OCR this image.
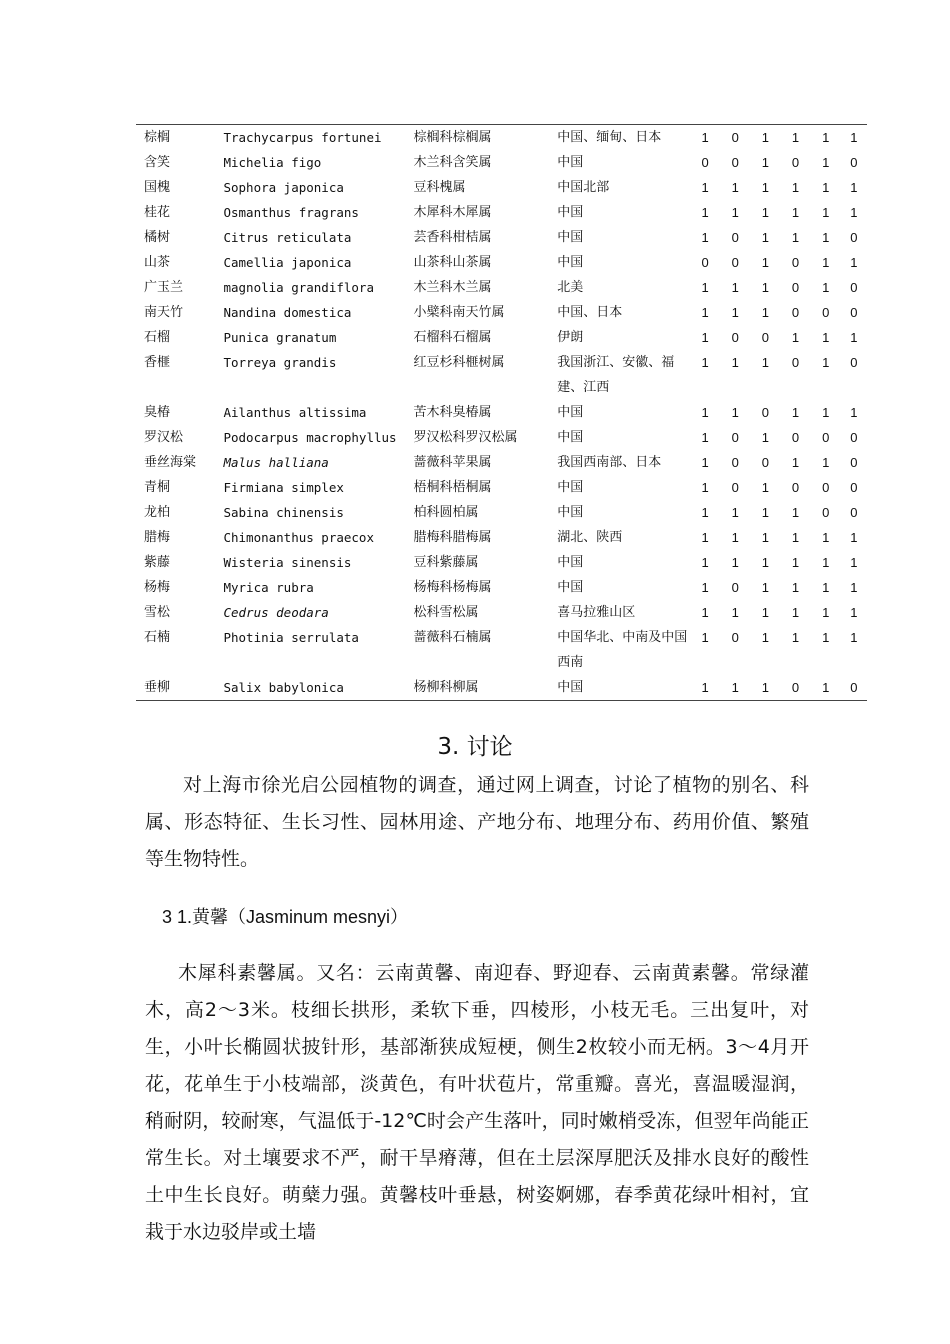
棕榈	Trachycarpus fortunei	棕榈科棕榈属	中国、缅甸、日本	1	0	1	1	1	1
含笑	Michelia figo	木兰科含笑属	中国	0	0	1	0	1	0
国槐	Sophora japonica	豆科槐属	中国北部	1	1	1	1	1	1
桂花	Osmanthus fragrans	木犀科木犀属	中国	1	1	1	1	1	1
橘树	Citrus reticulata	芸香科柑桔属	中国	1	0	1	1	1	0
山茶	Camellia japonica	山茶科山茶属	中国	0	0	1	0	1	1
广玉兰	magnolia grandiflora	木兰科木兰属	北美	1	1	1	0	1	0
南天竹	Nandina domestica	小檗科南天竹属	中国、日本	1	1	1	0	0	0
石榴	Punica granatum	石榴科石榴属	伊朗	1	0	0	1	1	1
香榧	Torreya grandis	红豆杉科榧树属	我国浙江、安徽、福建、江西	1	1	1	0	1	0
臭椿	Ailanthus altissima	苦木科臭椿属	中国	1	1	0	1	1	1
罗汉松	Podocarpus macrophyllus	罗汉松科罗汉松属	中国	1	0	1	0	0	0
垂丝海棠	Malus halliana	蔷薇科苹果属	我国西南部、日本	1	0	0	1	1	0
青桐	Firmiana simplex	梧桐科梧桐属	中国	1	0	1	0	0	0
龙柏	Sabina chinensis	柏科圆柏属	中国	1	1	1	1	0	0
腊梅	Chimonanthus praecox	腊梅科腊梅属	湖北、陕西	1	1	1	1	1	1
紫藤	Wisteria sinensis	豆科紫藤属	中国	1	1	1	1	1	1
杨梅	Myrica rubra	杨梅科杨梅属	中国	1	0	1	1	1	1
雪松	Cedrus deodara	松科雪松属	喜马拉雅山区	1	1	1	1	1	1
石楠	Photinia serrulata	蔷薇科石楠属	中国华北、中南及中国西南	1	0	1	1	1	1
垂柳	Salix babylonica	杨柳科柳属	中国	1	1	1	0	1	0
3. 讨论

对上海市徐光启公园植物的调查，通过网上调查，讨论了植物的别名、科属、形态特征、生长习性、园林用途、产地分布、地理分布、药用价值、繁殖等生物特性。

3 1.黄馨（Jasminum mesnyi）

木犀科素馨属。又名：云南黄馨、南迎春、野迎春、云南黄素馨。常绿灌木，高2～3米。枝细长拱形，柔软下垂，四棱形，小枝无毛。三出复叶，对生，小叶长椭圆状披针形，基部渐狭成短梗，侧生2枚较小而无柄。3～4月开花，花单生于小枝端部，淡黄色，有叶状苞片，常重瓣。喜光，喜温暖湿润，稍耐阴，较耐寒，气温低于-12℃时会产生落叶，同时嫩梢受冻，但翌年尚能正常生长。对土壤要求不严，耐干旱瘠薄，但在土层深厚肥沃及排水良好的酸性土中生长良好。萌蘖力强。黄馨枝叶垂悬，树姿婀娜，春季黄花绿叶相衬，宜栽于水边驳岸或土墙
